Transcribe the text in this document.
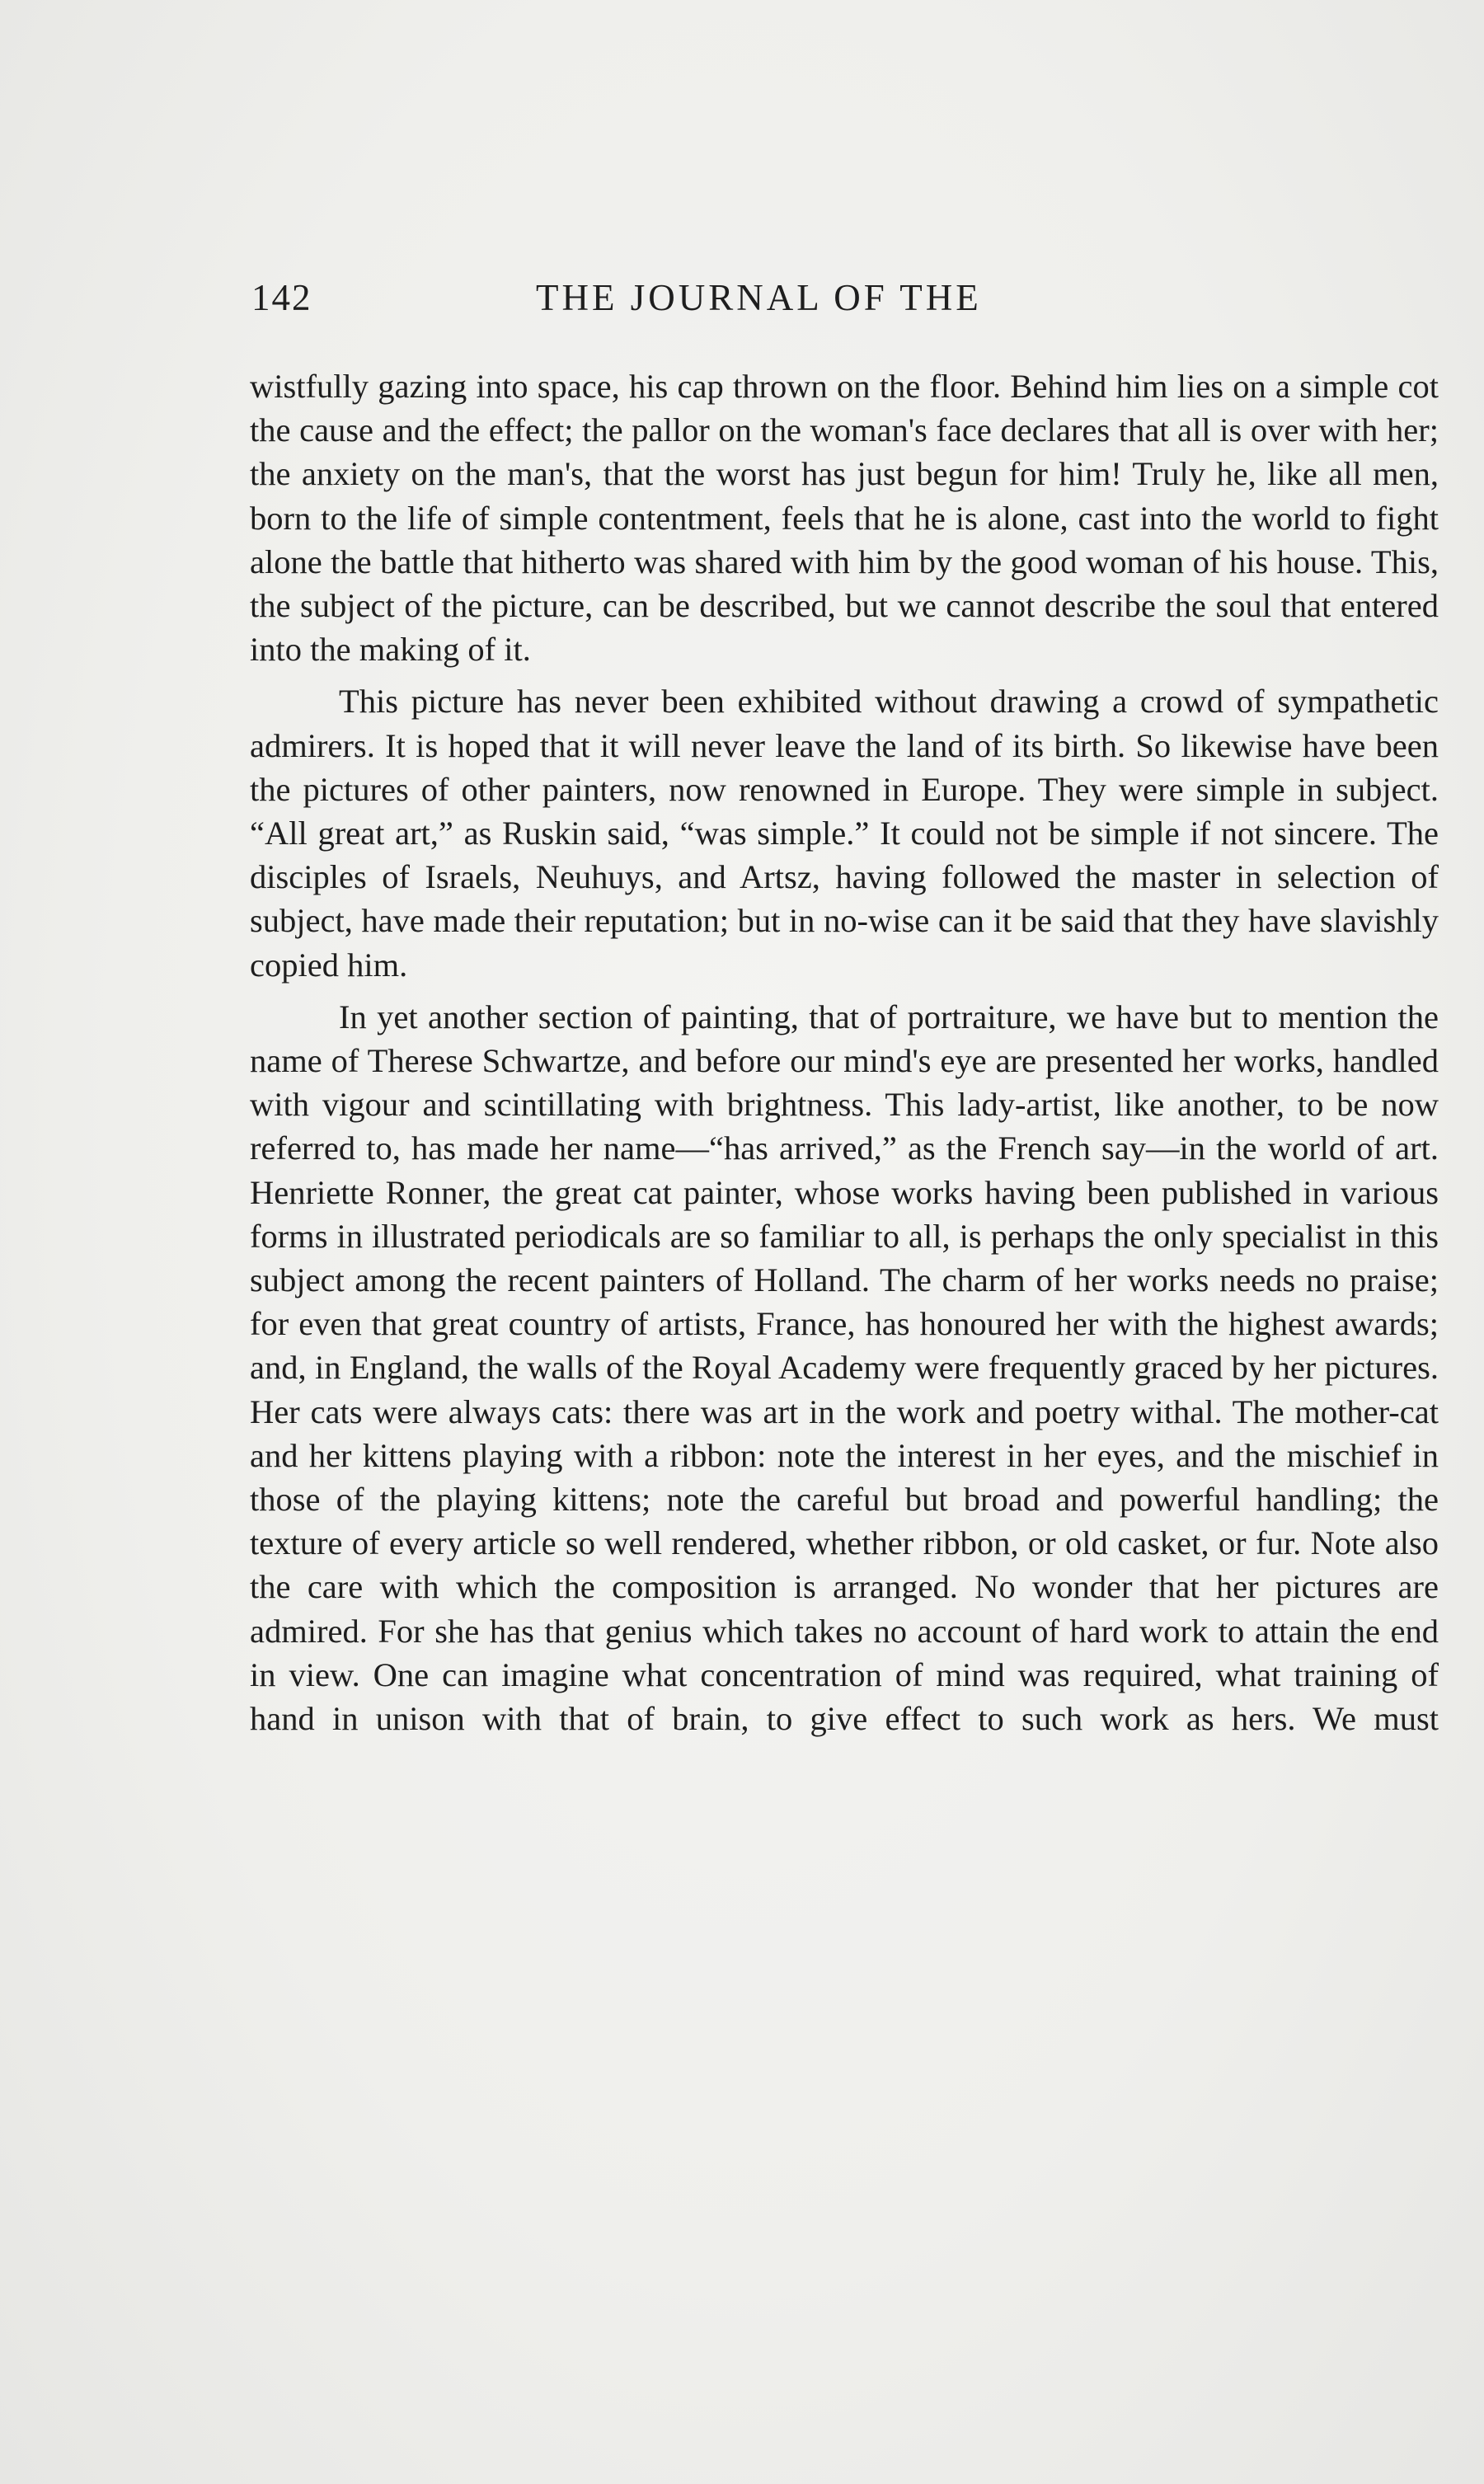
142	THE JOURNAL OF THE

wistfully gazing into space, his cap thrown on the floor. Behind him lies on a simple cot the cause and the effect; the pallor on the woman's face declares that all is over with her; the anxiety on the man's, that the worst has just begun for him! Truly he, like all men, born to the life of simple contentment, feels that he is alone, cast into the world to fight alone the battle that hitherto was shared with him by the good woman of his house. This, the subject of the picture, can be described, but we cannot describe the soul that entered into the making of it.

This picture has never been exhibited without drawing a crowd of sympathetic admirers. It is hoped that it will never leave the land of its birth. So likewise have been the pictures of other painters, now renowned in Europe. They were simple in subject. “All great art,” as Ruskin said, “was simple.” It could not be simple if not sincere. The disciples of Israels, Neuhuys, and Artsz, having followed the master in selection of subject, have made their reputation; but in no-wise can it be said that they have slavishly copied him.

In yet another section of painting, that of portraiture, we have but to mention the name of Therese Schwartze, and before our mind's eye are presented her works, handled with vigour and scintillating with brightness. This lady-artist, like another, to be now referred to, has made her name—“has arrived,” as the French say—in the world of art. Henriette Ronner, the great cat painter, whose works having been published in various forms in illustrated periodicals are so familiar to all, is perhaps the only specialist in this subject among the recent painters of Holland. The charm of her works needs no praise; for even that great country of artists, France, has honoured her with the highest awards; and, in England, the walls of the Royal Academy were frequently graced by her pictures. Her cats were always cats: there was art in the work and poetry withal. The mother-cat and her kittens playing with a ribbon: note the interest in her eyes, and the mischief in those of the playing kittens; note the careful but broad and powerful handling; the texture of every article so well rendered, whether ribbon, or old casket, or fur. Note also the care with which the composition is arranged. No wonder that her pictures are admired. For she has that genius which takes no account of hard work to attain the end in view. One can imagine what concentration of mind was required, what training of hand in unison with that of brain, to give effect to such work as hers. We must
